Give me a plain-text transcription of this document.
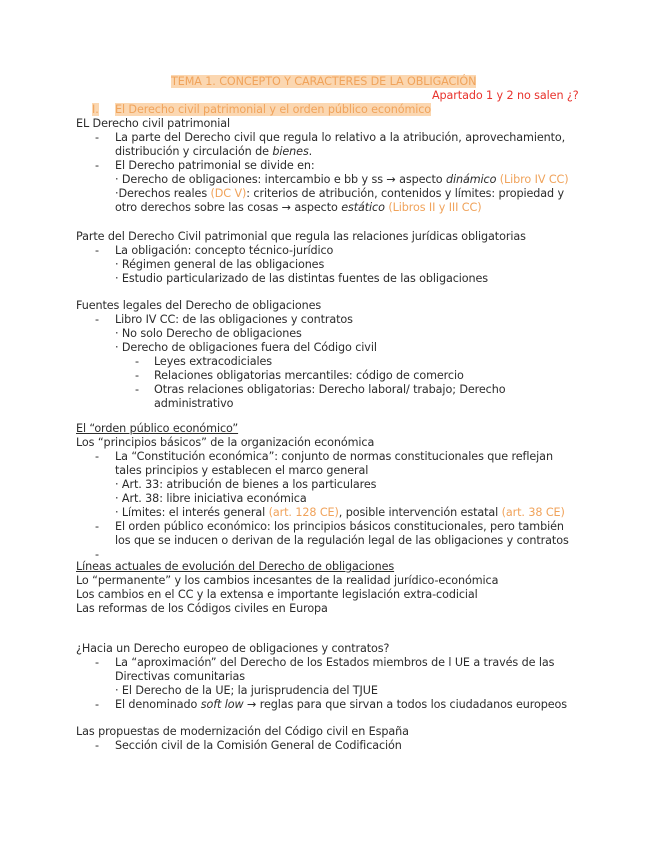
TEMA 1. CONCEPTO Y CARACTERES DE LA OBLIGACIÓN
Apartado 1 y 2 no salen ¿?
I. El Derecho civil patrimonial y el orden público económico
EL Derecho civil patrimonial
- La parte del Derecho civil que regula lo relativo a la atribución, aprovechamiento,
distribución y circulación de bienes.
- El Derecho patrimonial se divide en:
· Derecho de obligaciones: intercambio e bb y ss → aspecto dinámico (Libro IV CC)
·Derechos reales (DC V): criterios de atribución, contenidos y límites: propiedad y
otro derechos sobre las cosas → aspecto estático (Libros II y III CC)
Parte del Derecho Civil patrimonial que regula las relaciones jurídicas obligatorias
- La obligación: concepto técnico-jurídico
· Régimen general de las obligaciones
· Estudio particularizado de las distintas fuentes de las obligaciones
Fuentes legales del Derecho de obligaciones
- Libro IV CC: de las obligaciones y contratos
· No solo Derecho de obligaciones
· Derecho de obligaciones fuera del Código civil
- Leyes extracodiciales
- Relaciones obligatorias mercantiles: código de comercio
- Otras relaciones obligatorias: Derecho laboral/ trabajo; Derecho
administrativo
El “orden público económico”
Los “principios básicos” de la organización económica
- La “Constitución económica”: conjunto de normas constitucionales que reflejan
tales principios y establecen el marco general
· Art. 33: atribución de bienes a los particulares
· Art. 38: libre iniciativa económica
· Límites: el interés general (art. 128 CE), posible intervención estatal (art. 38 CE)
- El orden público económico: los principios básicos constitucionales, pero también
los que se inducen o derivan de la regulación legal de las obligaciones y contratos
-
Líneas actuales de evolución del Derecho de obligaciones
Lo “permanente” y los cambios incesantes de la realidad jurídico-económica
Los cambios en el CC y la extensa e importante legislación extra-codicial
Las reformas de los Códigos civiles en Europa
¿Hacia un Derecho europeo de obligaciones y contratos?
- La “aproximación” del Derecho de los Estados miembros de l UE a través de las
Directivas comunitarias
· El Derecho de la UE; la jurisprudencia del TJUE
- El denominado soft low → reglas para que sirvan a todos los ciudadanos europeos
Las propuestas de modernización del Código civil en España
- Sección civil de la Comisión General de Codificación
